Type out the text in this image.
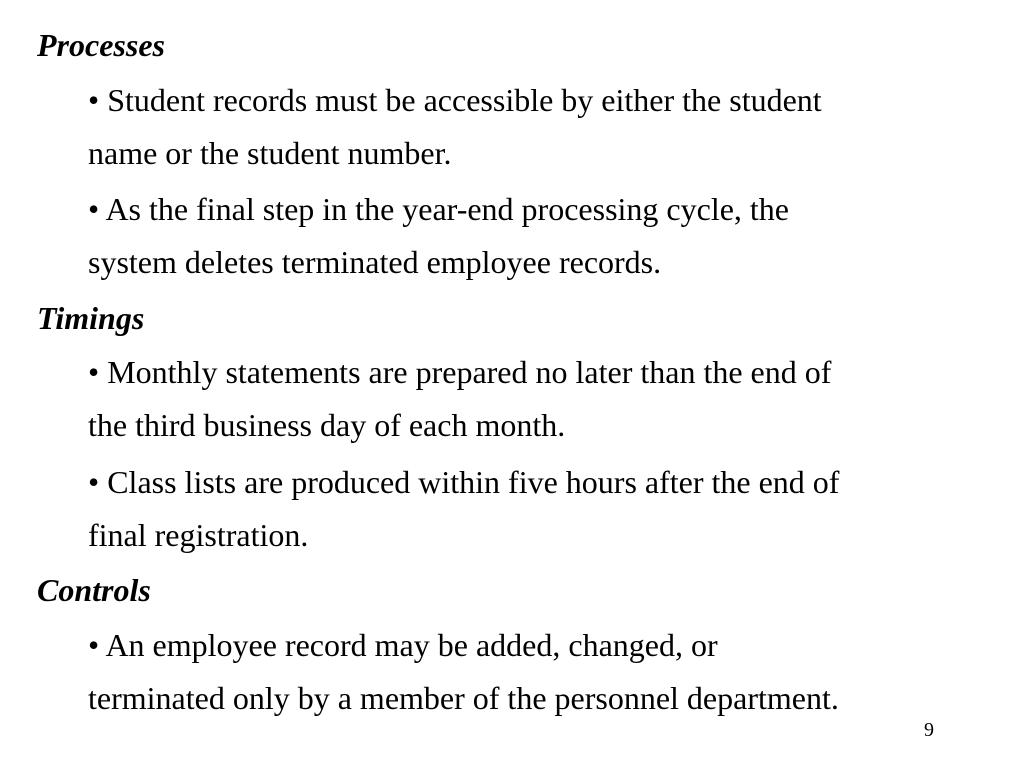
Processes
• Student records must be accessible by either the student
name or the student number.
• As the final step in the year-end processing cycle, the
system deletes terminated employee records.
Timings
• Monthly statements are prepared no later than the end of
the third business day of each month.
• Class lists are produced within five hours after the end of
final registration.
Controls
• An employee record may be added, changed, or
terminated only by a member of the personnel department.
9
